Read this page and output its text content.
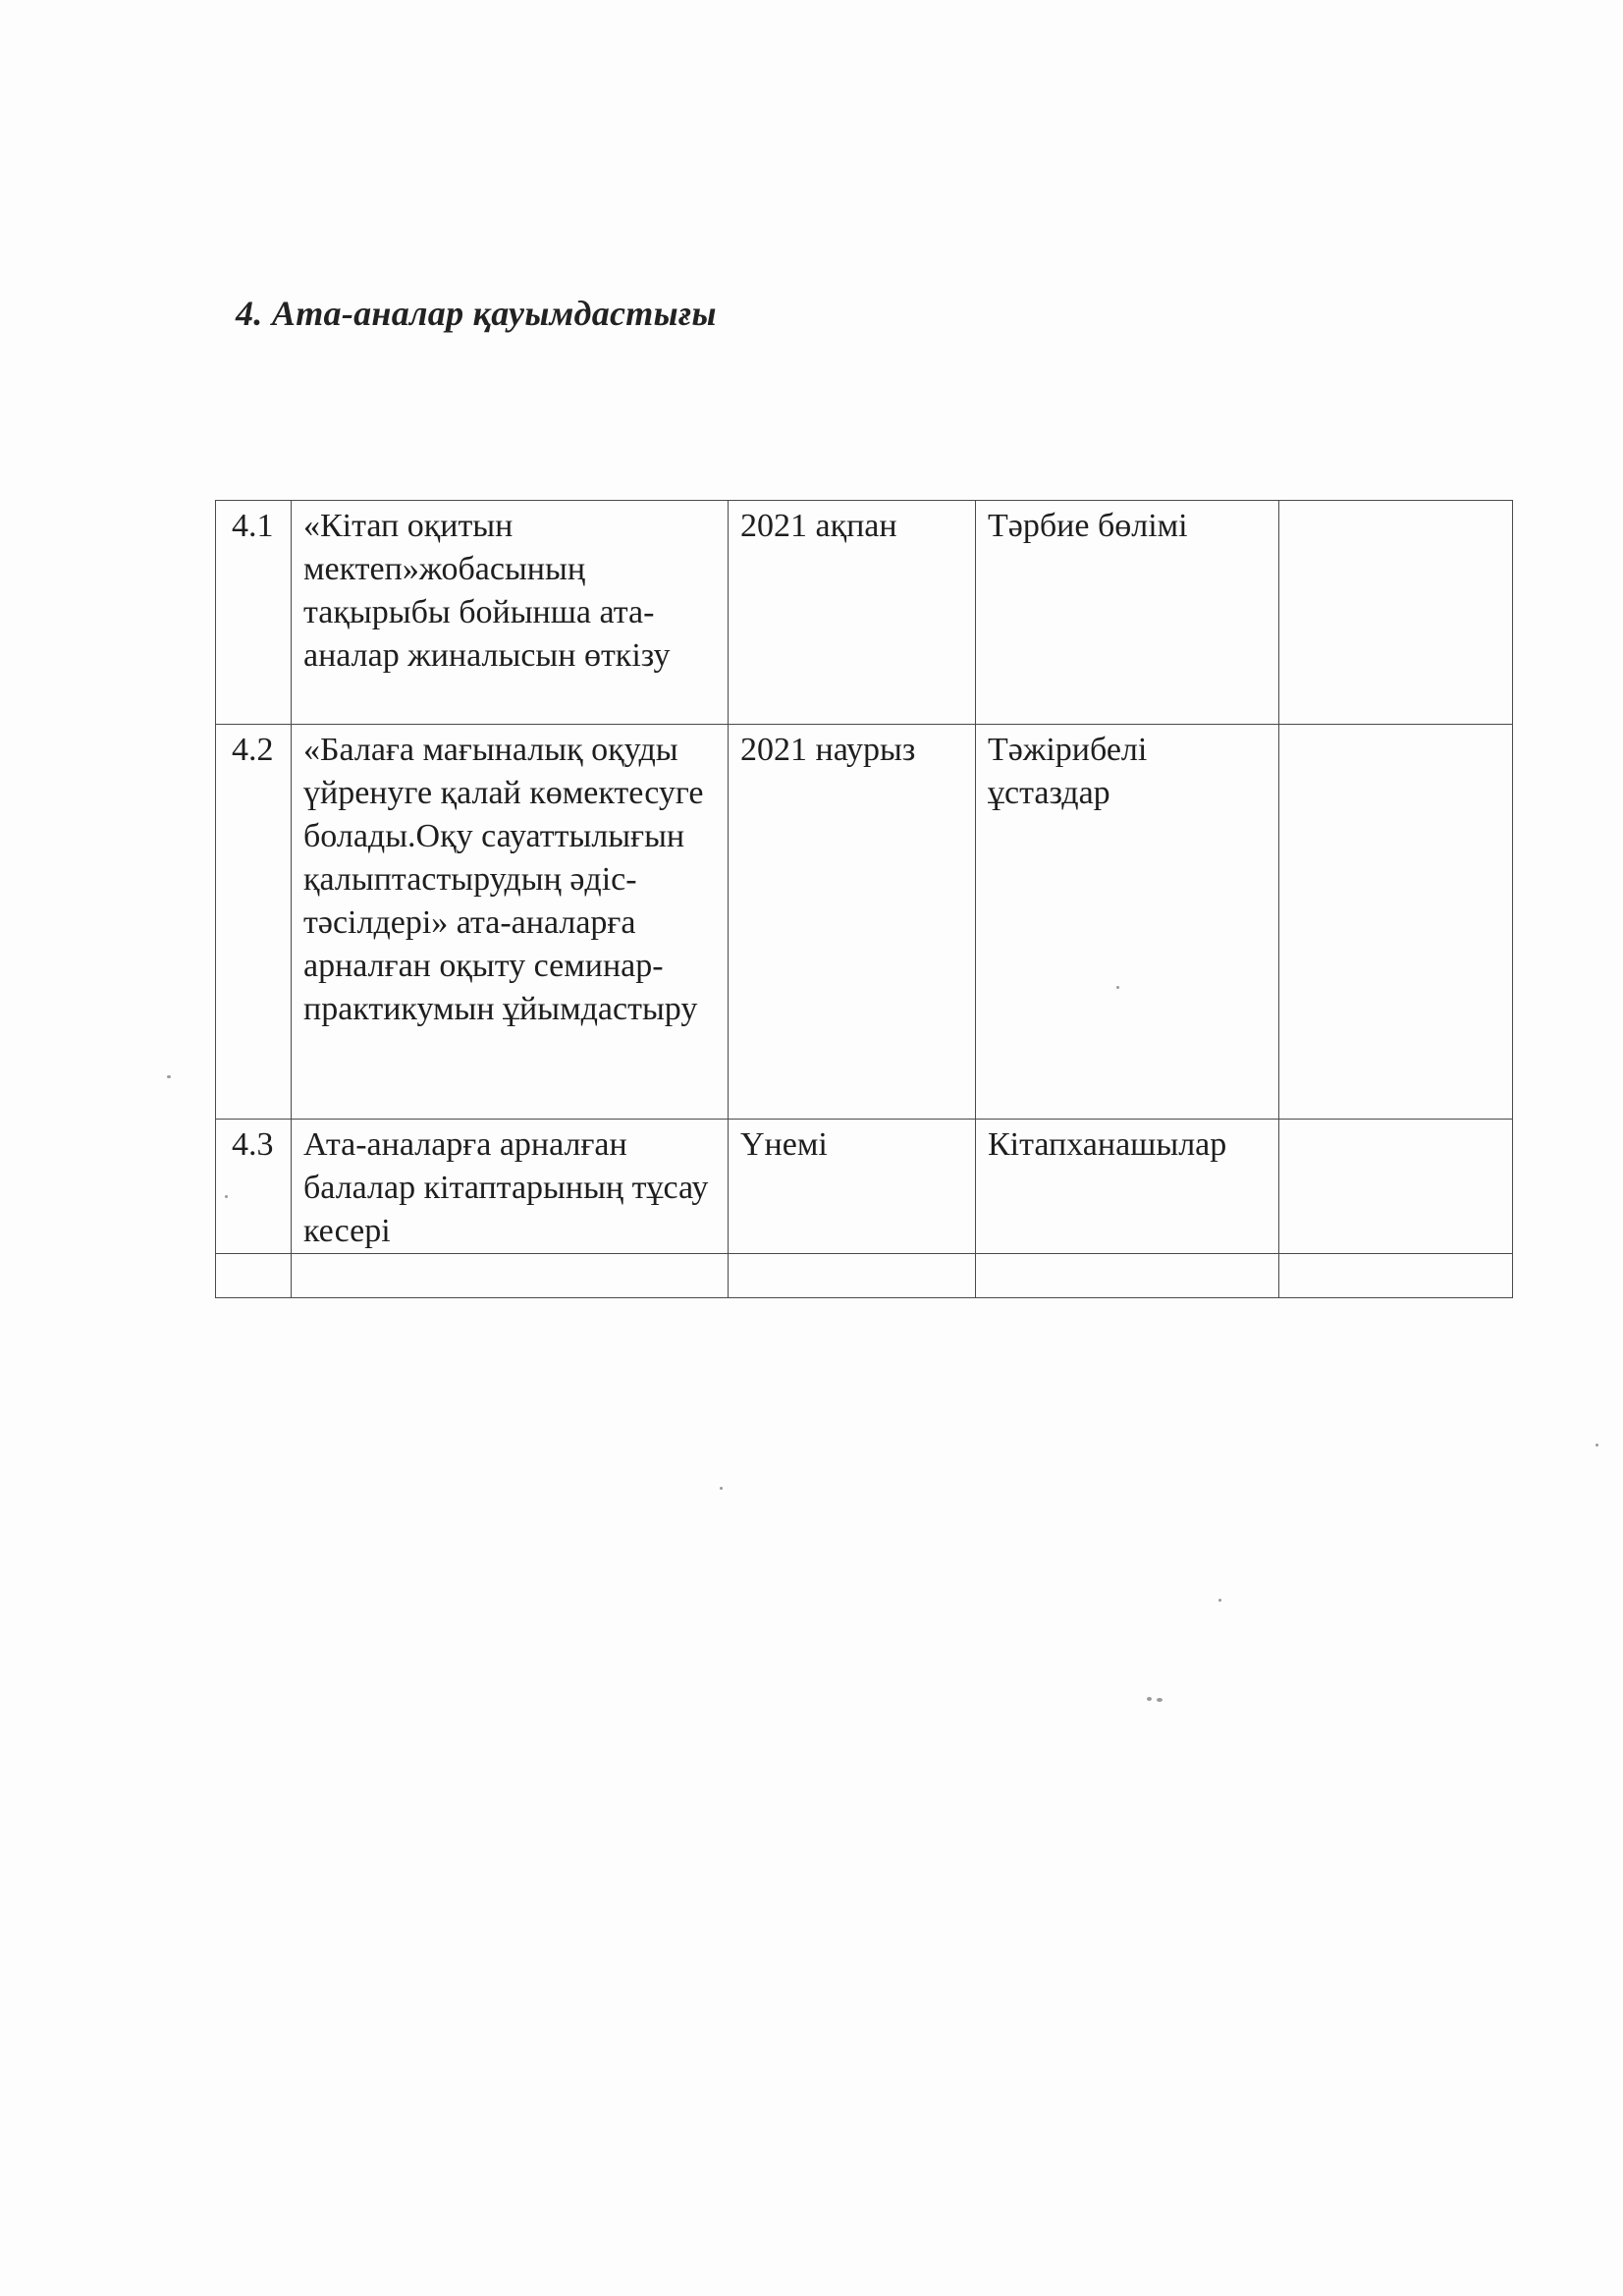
4. Ата-аналар қауымдастығы
4.1	«Кітап оқитын мектеп»жобасының тақырыбы бойынша ата-аналар жиналысын өткізу	2021 ақпан	Тәрбие бөлімі	
4.2	«Балаға мағыналық оқуды үйренуге қалай көмектесуге болады.Оқу сауаттылығын қалыптастырудың әдіс-тәсілдері» ата-аналарға арналған оқыту семинар-практикумын ұйымдастыру	2021 наурыз	Тәжірибелі ұстаздар	
4.3	Ата-аналарға арналған балалар кітаптарының тұсау кесері	Үнемі	Кітапханашылар	
